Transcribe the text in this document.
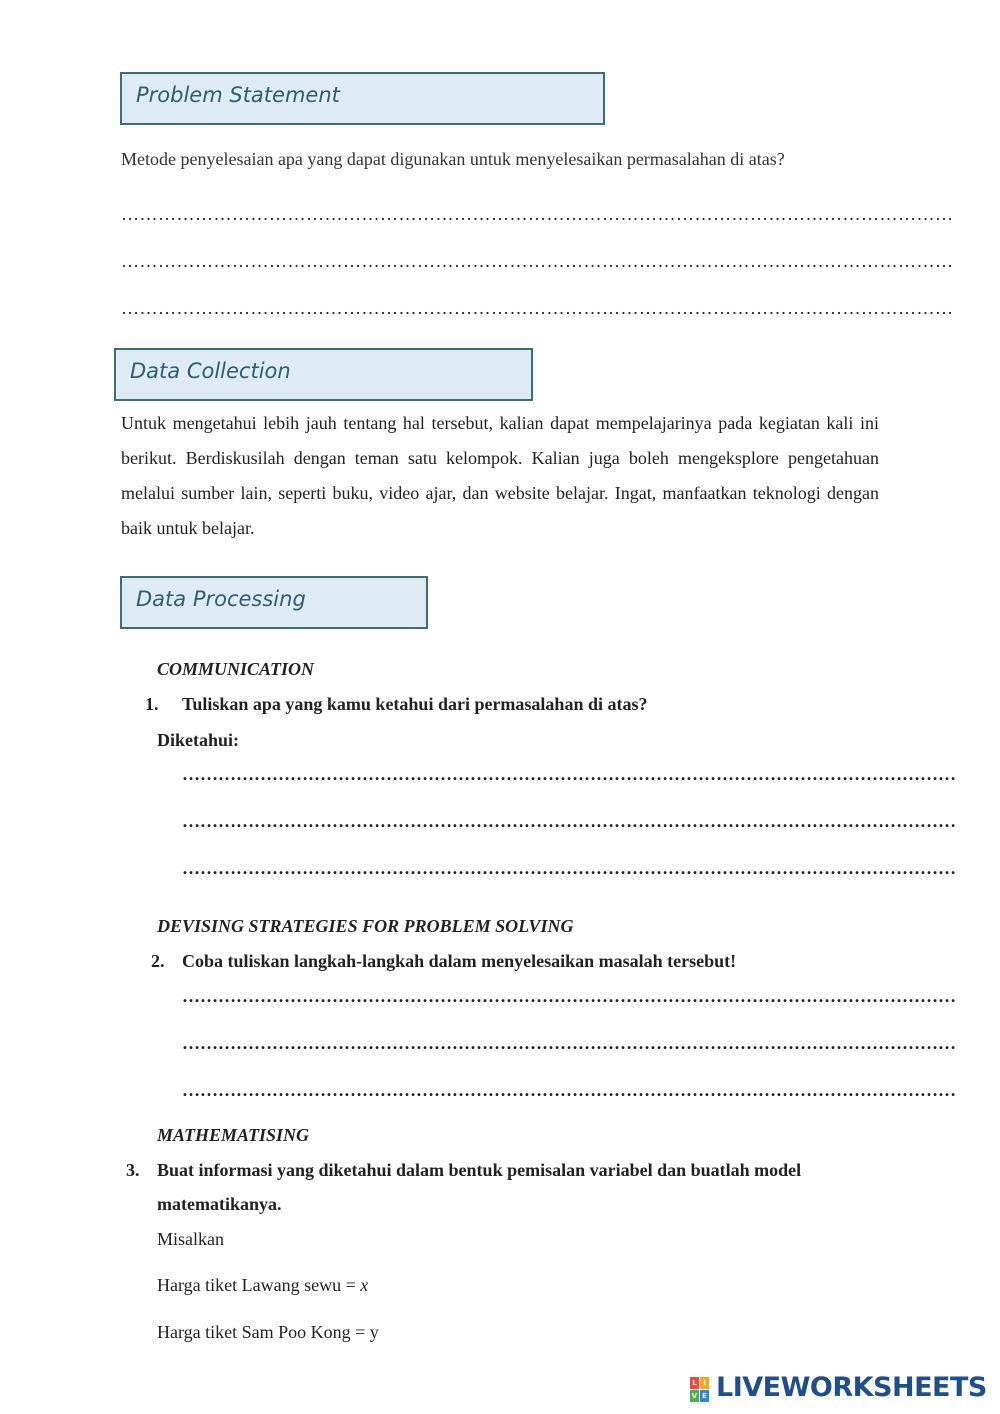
Problem Statement
Metode penyelesaian apa yang dapat digunakan untuk menyelesaikan permasalahan di atas?
………………………………………………………………………………………………………………………
………………………………………………………………………………………………………………………
………………………………………………………………………………………………………………………
Data Collection
Untuk mengetahui lebih jauh tentang hal tersebut, kalian dapat mempelajarinya pada kegiatan kali ini berikut. Berdiskusilah dengan teman satu kelompok. Kalian juga boleh mengeksplore pengetahuan melalui sumber lain, seperti buku, video ajar, dan website belajar. Ingat, manfaatkan teknologi dengan baik untuk belajar.
Data Processing
COMMUNICATION
1. Tuliskan apa yang kamu ketahui dari permasalahan di atas?
Diketahui:
…………………………………………………………………………………………………………………
…………………………………………………………………………………………………………………
…………………………………………………………………………………………………………………
DEVISING STRATEGIES FOR PROBLEM SOLVING
2. Coba tuliskan langkah-langkah dalam menyelesaikan masalah tersebut!
…………………………………………………………………………………………………………………
…………………………………………………………………………………………………………………
…………………………………………………………………………………………………………………
MATHEMATISING
3. Buat informasi yang diketahui dalam bentuk pemisalan variabel dan buatlah model
matematikanya.
Misalkan
Harga tiket Lawang sewu = x
Harga tiket Sam Poo Kong = y
L I
V E LIVEWORKSHEETS
